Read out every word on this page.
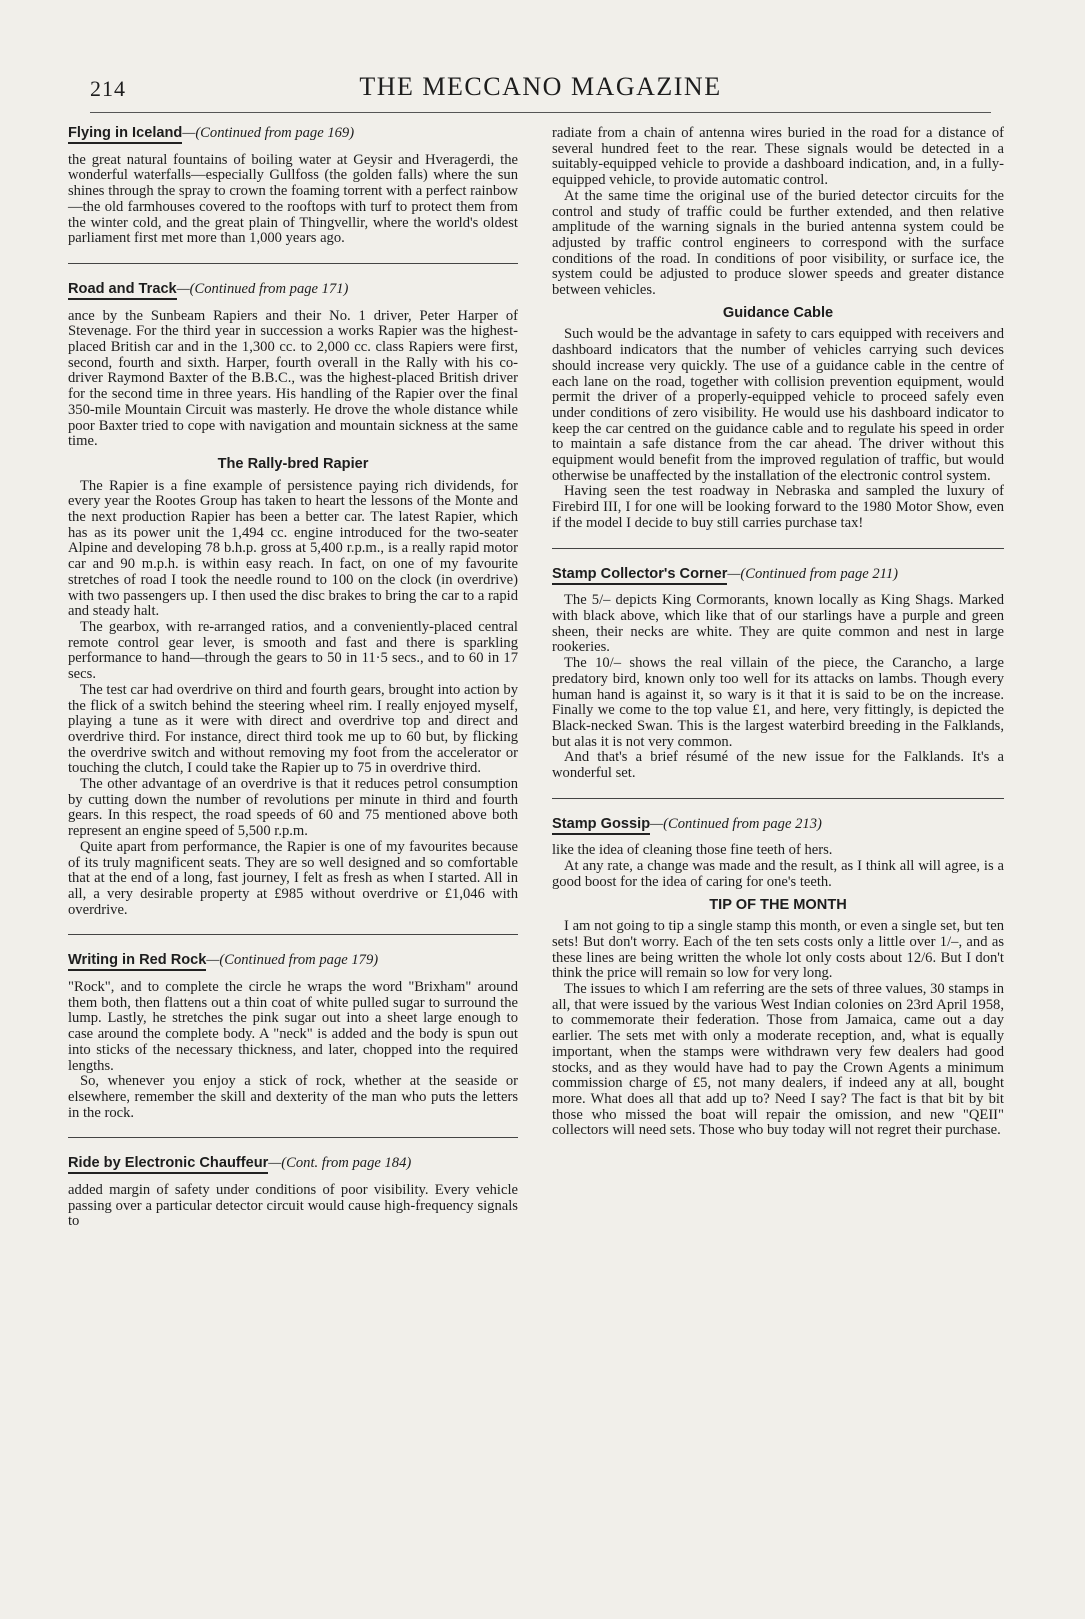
214	THE MECCANO MAGAZINE

Flying in Iceland—(Continued from page 169)

the great natural fountains of boiling water at Geysir and Hveragerdi, the wonderful waterfalls—especially Gullfoss (the golden falls) where the sun shines through the spray to crown the foaming torrent with a perfect rainbow—the old farmhouses covered to the rooftops with turf to protect them from the winter cold, and the great plain of Thingvellir, where the world's oldest parliament first met more than 1,000 years ago.

Road and Track—(Continued from page 171)

ance by the Sunbeam Rapiers and their No. 1 driver, Peter Harper of Stevenage. For the third year in succession a works Rapier was the highest-placed British car and in the 1,300 cc. to 2,000 cc. class Rapiers were first, second, fourth and sixth. Harper, fourth overall in the Rally with his co-driver Raymond Baxter of the B.B.C., was the highest-placed British driver for the second time in three years. His handling of the Rapier over the final 350-mile Mountain Circuit was masterly. He drove the whole distance while poor Baxter tried to cope with navigation and mountain sickness at the same time.

The Rally-bred Rapier

The Rapier is a fine example of persistence paying rich dividends, for every year the Rootes Group has taken to heart the lessons of the Monte and the next production Rapier has been a better car. The latest Rapier, which has as its power unit the 1,494 cc. engine introduced for the two-seater Alpine and developing 78 b.h.p. gross at 5,400 r.p.m., is a really rapid motor car and 90 m.p.h. is within easy reach. In fact, on one of my favourite stretches of road I took the needle round to 100 on the clock (in overdrive) with two passengers up. I then used the disc brakes to bring the car to a rapid and steady halt.

The gearbox, with re-arranged ratios, and a conveniently-placed central remote control gear lever, is smooth and fast and there is sparkling performance to hand—through the gears to 50 in 11·5 secs., and to 60 in 17 secs.

The test car had overdrive on third and fourth gears, brought into action by the flick of a switch behind the steering wheel rim. I really enjoyed myself, playing a tune as it were with direct and overdrive top and direct and overdrive third. For instance, direct third took me up to 60 but, by flicking the overdrive switch and without removing my foot from the accelerator or touching the clutch, I could take the Rapier up to 75 in overdrive third.

The other advantage of an overdrive is that it reduces petrol consumption by cutting down the number of revolutions per minute in third and fourth gears. In this respect, the road speeds of 60 and 75 mentioned above both represent an engine speed of 5,500 r.p.m.

Quite apart from performance, the Rapier is one of my favourites because of its truly magnificent seats. They are so well designed and so comfortable that at the end of a long, fast journey, I felt as fresh as when I started. All in all, a very desirable property at £985 without overdrive or £1,046 with overdrive.

Writing in Red Rock—(Continued from page 179)

"Rock", and to complete the circle he wraps the word "Brixham" around them both, then flattens out a thin coat of white pulled sugar to surround the lump. Lastly, he stretches the pink sugar out into a sheet large enough to case around the complete body. A "neck" is added and the body is spun out into sticks of the necessary thickness, and later, chopped into the required lengths.

So, whenever you enjoy a stick of rock, whether at the seaside or elsewhere, remember the skill and dexterity of the man who puts the letters in the rock.

Ride by Electronic Chauffeur—(Cont. from page 184)

added margin of safety under conditions of poor visibility. Every vehicle passing over a particular detector circuit would cause high-frequency signals to

radiate from a chain of antenna wires buried in the road for a distance of several hundred feet to the rear. These signals would be detected in a suitably-equipped vehicle to provide a dashboard indication, and, in a fully-equipped vehicle, to provide automatic control.

At the same time the original use of the buried detector circuits for the control and study of traffic could be further extended, and then relative amplitude of the warning signals in the buried antenna system could be adjusted by traffic control engineers to correspond with the surface conditions of the road. In conditions of poor visibility, or surface ice, the system could be adjusted to produce slower speeds and greater distance between vehicles.

Guidance Cable

Such would be the advantage in safety to cars equipped with receivers and dashboard indicators that the number of vehicles carrying such devices should increase very quickly. The use of a guidance cable in the centre of each lane on the road, together with collision prevention equipment, would permit the driver of a properly-equipped vehicle to proceed safely even under conditions of zero visibility. He would use his dashboard indicator to keep the car centred on the guidance cable and to regulate his speed in order to maintain a safe distance from the car ahead. The driver without this equipment would benefit from the improved regulation of traffic, but would otherwise be unaffected by the installation of the electronic control system.

Having seen the test roadway in Nebraska and sampled the luxury of Firebird III, I for one will be looking forward to the 1980 Motor Show, even if the model I decide to buy still carries purchase tax!

Stamp Collector's Corner—(Continued from page 211)

The 5/– depicts King Cormorants, known locally as King Shags. Marked with black above, which like that of our starlings have a purple and green sheen, their necks are white. They are quite common and nest in large rookeries.

The 10/– shows the real villain of the piece, the Carancho, a large predatory bird, known only too well for its attacks on lambs. Though every human hand is against it, so wary is it that it is said to be on the increase. Finally we come to the top value £1, and here, very fittingly, is depicted the Black-necked Swan. This is the largest waterbird breeding in the Falklands, but alas it is not very common.

And that's a brief résumé of the new issue for the Falklands. It's a wonderful set.

Stamp Gossip—(Continued from page 213)

like the idea of cleaning those fine teeth of hers.

At any rate, a change was made and the result, as I think all will agree, is a good boost for the idea of caring for one's teeth.

TIP OF THE MONTH

I am not going to tip a single stamp this month, or even a single set, but ten sets! But don't worry. Each of the ten sets costs only a little over 1/–, and as these lines are being written the whole lot only costs about 12/6. But I don't think the price will remain so low for very long.

The issues to which I am referring are the sets of three values, 30 stamps in all, that were issued by the various West Indian colonies on 23rd April 1958, to commemorate their federation. Those from Jamaica, came out a day earlier. The sets met with only a moderate reception, and, what is equally important, when the stamps were withdrawn very few dealers had good stocks, and as they would have had to pay the Crown Agents a minimum commission charge of £5, not many dealers, if indeed any at all, bought more. What does all that add up to? Need I say? The fact is that bit by bit those who missed the boat will repair the omission, and new "QEII" collectors will need sets. Those who buy today will not regret their purchase.
